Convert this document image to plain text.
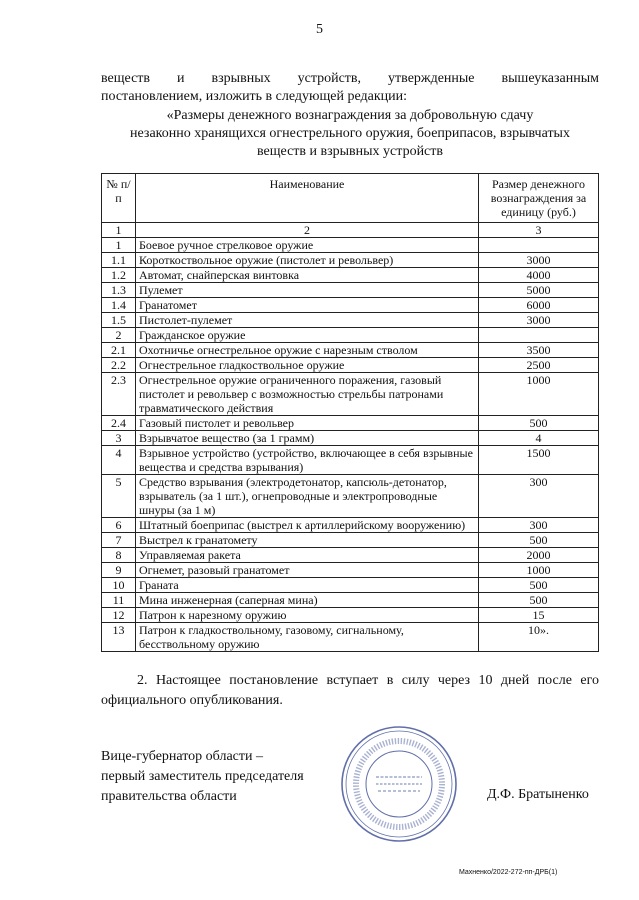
5
веществ и взрывных устройств, утвержденные вышеуказанным
постановлением, изложить в следующей редакции:
«Размеры денежного вознаграждения за добровольную сдачу
незаконно хранящихся огнестрельного оружия, боеприпасов, взрывчатых
веществ и взрывных устройств
№ п/п	Наименование	Размер денежного вознаграждения за единицу (руб.)
1	2	3
1	Боевое ручное стрелковое оружие	
1.1	Короткоствольное оружие (пистолет и револьвер)	3000
1.2	Автомат, снайперская винтовка	4000
1.3	Пулемет	5000
1.4	Гранатомет	6000
1.5	Пистолет-пулемет	3000
2	Гражданское оружие	
2.1	Охотничье огнестрельное оружие с нарезным стволом	3500
2.2	Огнестрельное гладкоствольное оружие	2500
2.3	Огнестрельное оружие ограниченного поражения, газовый пистолет и револьвер с возможностью стрельбы патронами травматического действия	1000
2.4	Газовый пистолет и револьвер	500
3	Взрывчатое вещество (за 1 грамм)	4
4	Взрывное устройство (устройство, включающее в себя взрывные вещества и средства взрывания)	1500
5	Средство взрывания (электродетонатор, капсюль-детонатор, взрыватель (за 1 шт.), огнепроводные и электропроводные шнуры (за 1 м)	300
6	Штатный боеприпас (выстрел к артиллерийскому вооружению)	300
7	Выстрел к гранатомету	500
8	Управляемая ракета	2000
9	Огнемет, разовый гранатомет	1000
10	Граната	500
11	Мина инженерная (саперная мина)	500
12	Патрон к нарезному оружию	15
13	Патрон к гладкоствольному, газовому, сигнальному, бесствольному оружию	10».
2. Настоящее постановление вступает в силу через 10 дней после его официального опубликования.
Вице-губернатор области –
первый заместитель председателя
правительства области	Д.Ф. Братыненко
Махненко/2022-272-пп-ДРБ(1)
